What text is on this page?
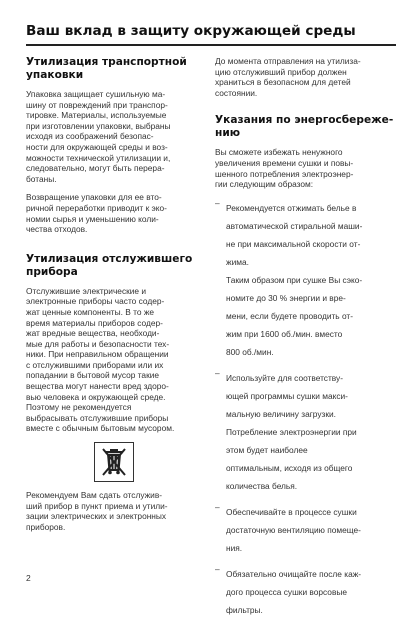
Ваш вклад в защиту окружающей среды
Утилизация транспортной
упаковки
Упаковка защищает сушильную ма-
шину от повреждений при транспор-
тировке. Материалы, используемые
при изготовлении упаковки, выбраны
исходя из соображений безопас-
ности для окружающей среды и воз-
можности технической утилизации и,
следовательно, могут быть перера-
ботаны.
Возвращение упаковки для ее вто-
ричной переработки приводит к эко-
номии сырья и уменьшению коли-
чества отходов.
Утилизация отслужившего
прибора
Отслужившие электрические и
электронные приборы часто содер-
жат ценные компоненты. В то же
время материалы приборов содер-
жат вредные вещества, необходи-
мые для работы и безопасности тех-
ники. При неправильном обращении
с отслужившими приборами или их
попадании в бытовой мусор такие
вещества могут нанести вред здоро-
вью человека и окружающей среде.
Поэтому не рекомендуется
выбрасывать отслужившие приборы
вместе с обычным бытовым мусором.
Рекомендуем Вам сдать отслужив-
ший прибор в пункт приема и утили-
зации электрических и электронных
приборов.
До момента отправления на утилиза-
цию отслуживший прибор должен
храниться в безопасном для детей
состоянии.
Указания по энергосбереже-
нию
Вы сможете избежать ненужного
увеличения времени сушки и повы-
шенного потребления электроэнер-
гии следующим образом:
– Рекомендуется отжимать белье в
автоматической стиральной маши-
не при максимальной скорости от-
жима.
Таким образом при сушке Вы сэко-
номите до 30 % энергии и вре-
мени, если будете проводить от-
жим при 1600 об./мин. вместо
800 об./мин.
– Используйте для соответству-
ющей программы сушки макси-
мальную величину загрузки.
Потребление электроэнергии при
этом будет наиболее
оптимальным, исходя из общего
количества белья.
– Обеспечивайте в процессе сушки
достаточную вентиляцию помеще-
ния.
– Обязательно очищайте после каж-
дого процесса сушки ворсовые
фильтры.
2
